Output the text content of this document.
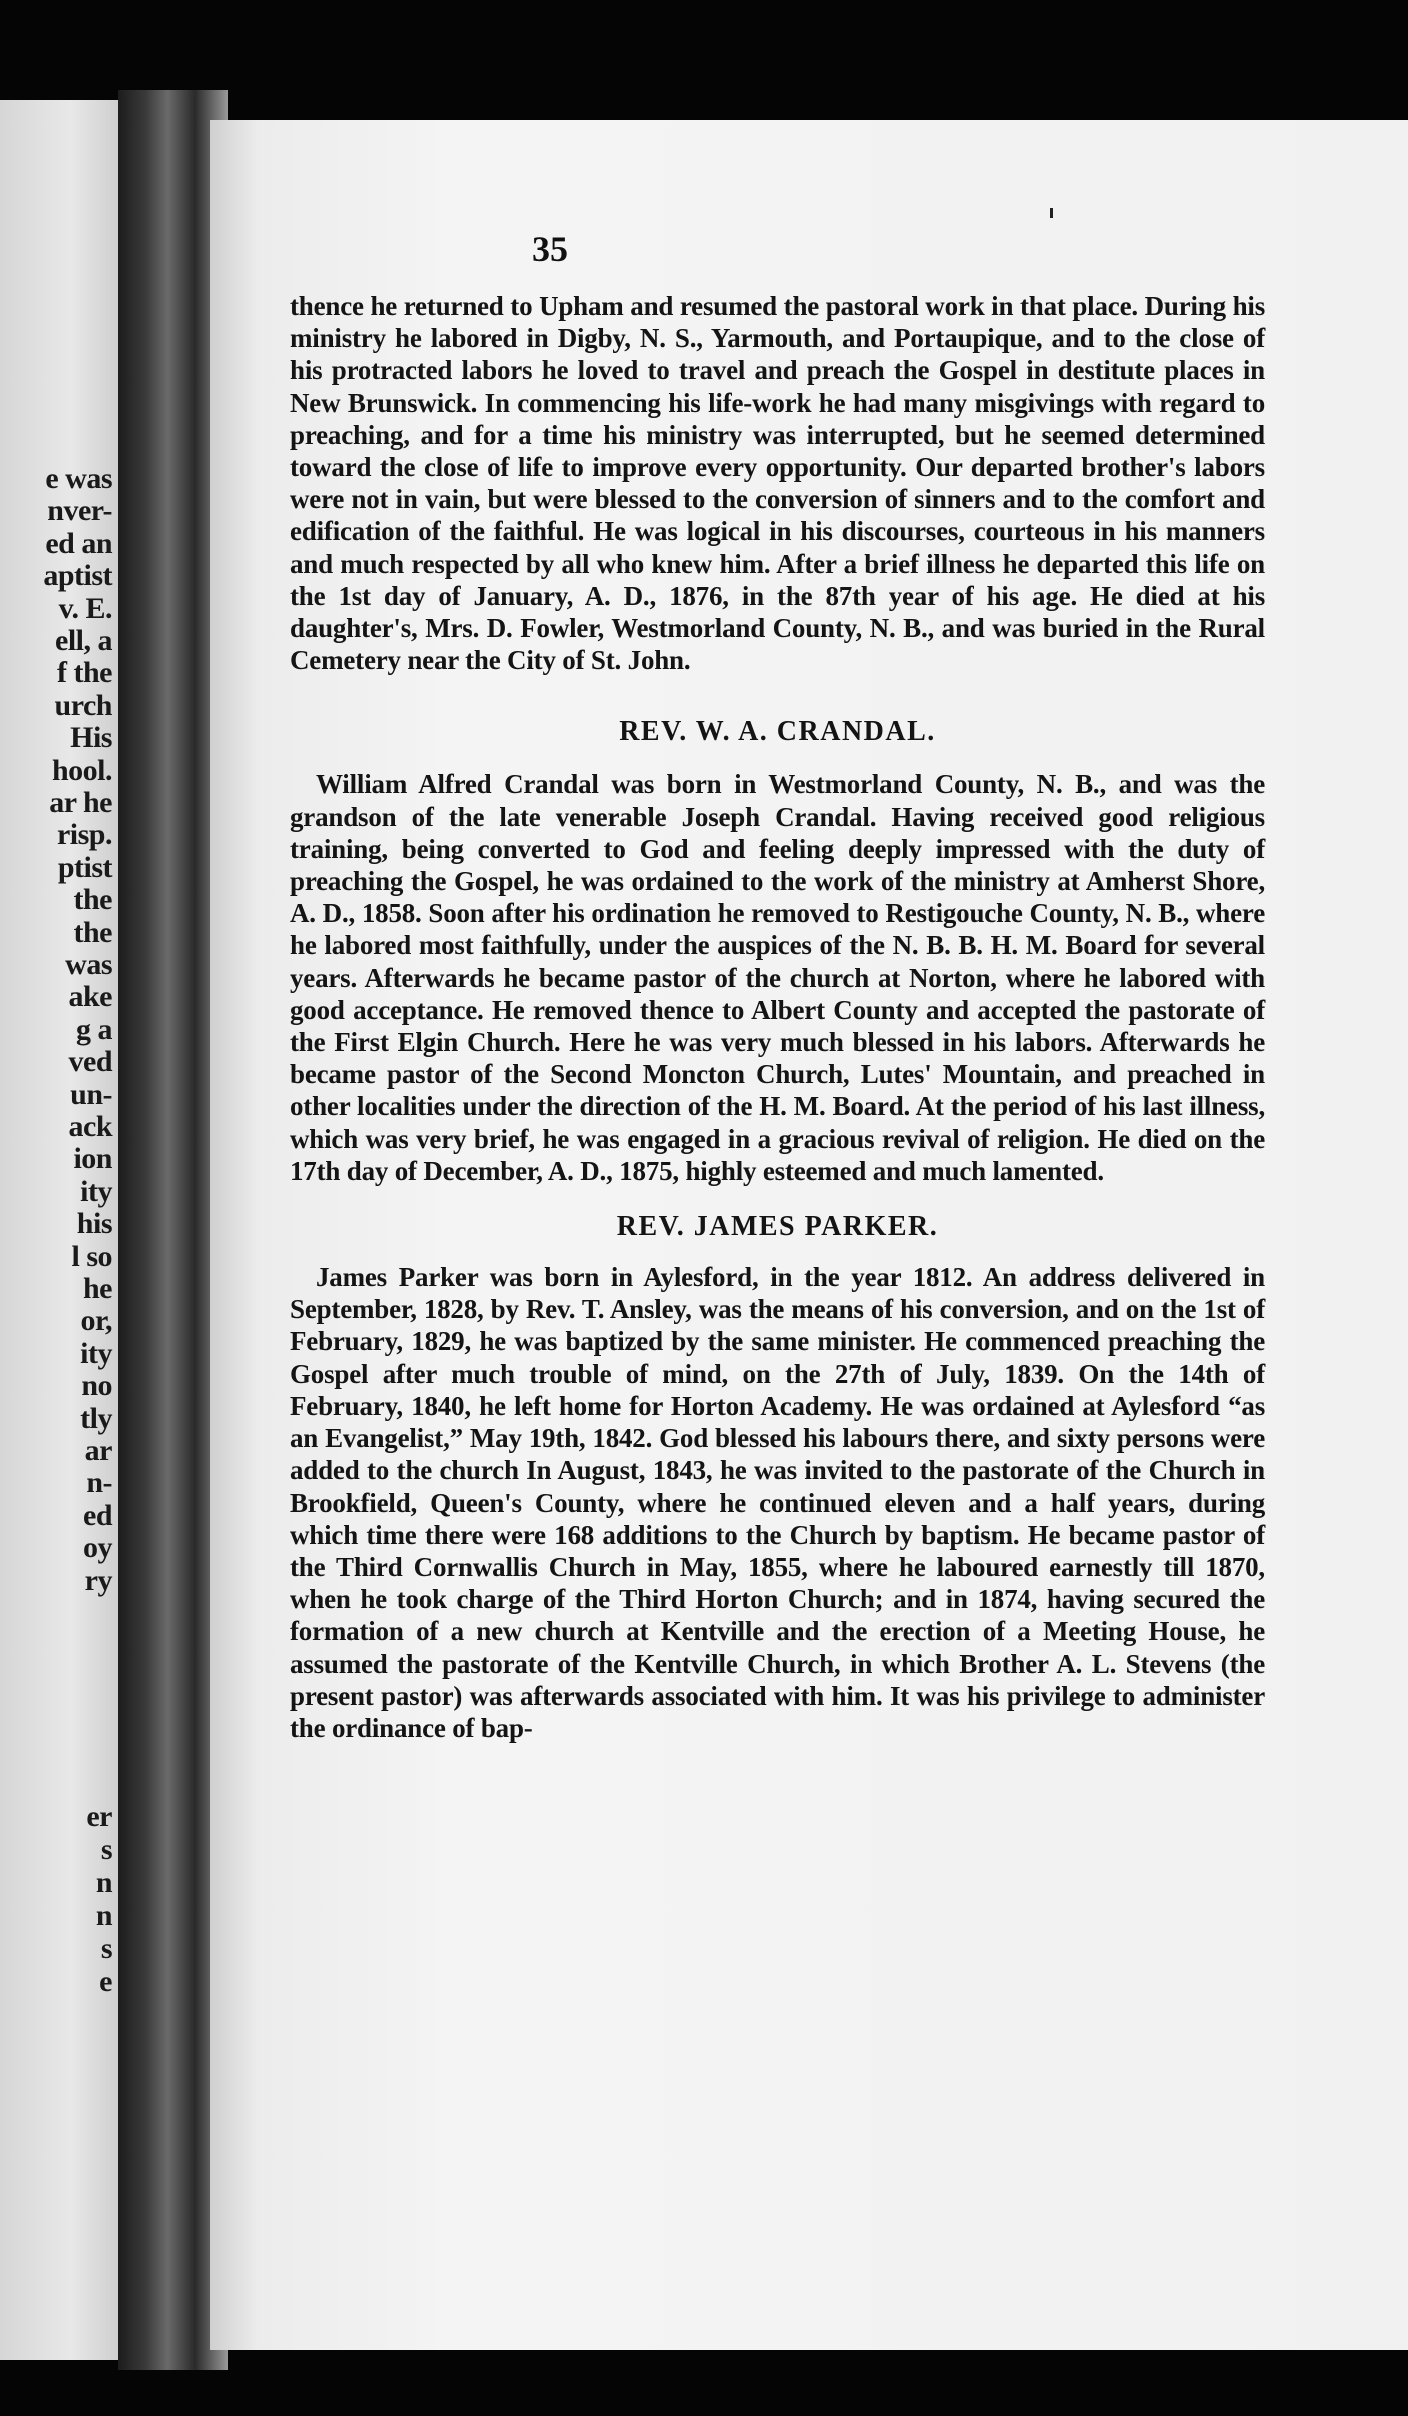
e was
nver-
ed an
aptist
v. E.
ell, a
f the
urch
His
hool.
ar he
risp.
ptist
the
the
was
ake
g a
ved
un-
ack
ion
ity
his
l so
he
or,
ity
no
tly
ar
n-
ed
oy
ry
er
s
n
n
s
e
35

thence he returned to Upham and resumed the pastoral work in that place. During his ministry he labored in Digby, N. S., Yarmouth, and Portaupique, and to the close of his protracted labors he loved to travel and preach the Gospel in destitute places in New Brunswick. In commencing his life-work he had many misgivings with regard to preaching, and for a time his ministry was interrupted, but he seemed determined toward the close of life to improve every opportunity. Our departed brother's labors were not in vain, but were blessed to the conversion of sinners and to the comfort and edification of the faithful. He was logical in his discourses, courteous in his manners and much respected by all who knew him. After a brief illness he departed this life on the 1st day of January, A. D., 1876, in the 87th year of his age. He died at his daughter's, Mrs. D. Fowler, Westmorland County, N. B., and was buried in the Rural Cemetery near the City of St. John.

REV. W. A. CRANDAL.

William Alfred Crandal was born in Westmorland County, N. B., and was the grandson of the late venerable Joseph Crandal. Having received good religious training, being converted to God and feeling deeply impressed with the duty of preaching the Gospel, he was ordained to the work of the ministry at Amherst Shore, A. D., 1858. Soon after his ordination he removed to Restigouche County, N. B., where he labored most faithfully, under the auspices of the N. B. B. H. M. Board for several years. Afterwards he became pastor of the church at Norton, where he labored with good acceptance. He removed thence to Albert County and accepted the pastorate of the First Elgin Church. Here he was very much blessed in his labors. Afterwards he became pastor of the Second Moncton Church, Lutes' Mountain, and preached in other localities under the direction of the H. M. Board. At the period of his last illness, which was very brief, he was engaged in a gracious revival of religion. He died on the 17th day of December, A. D., 1875, highly esteemed and much lamented.

REV. JAMES PARKER.

James Parker was born in Aylesford, in the year 1812. An address delivered in September, 1828, by Rev. T. Ansley, was the means of his conversion, and on the 1st of February, 1829, he was baptized by the same minister. He commenced preaching the Gospel after much trouble of mind, on the 27th of July, 1839. On the 14th of February, 1840, he left home for Horton Academy. He was ordained at Aylesford “as an Evangelist,” May 19th, 1842. God blessed his labours there, and sixty persons were added to the church In August, 1843, he was invited to the pastorate of the Church in Brookfield, Queen's County, where he continued eleven and a half years, during which time there were 168 additions to the Church by baptism. He became pastor of the Third Cornwallis Church in May, 1855, where he laboured earnestly till 1870, when he took charge of the Third Horton Church; and in 1874, having secured the formation of a new church at Kentville and the erection of a Meeting House, he assumed the pastorate of the Kentville Church, in which Brother A. L. Stevens (the present pastor) was afterwards associated with him. It was his privilege to administer the ordinance of bap-
